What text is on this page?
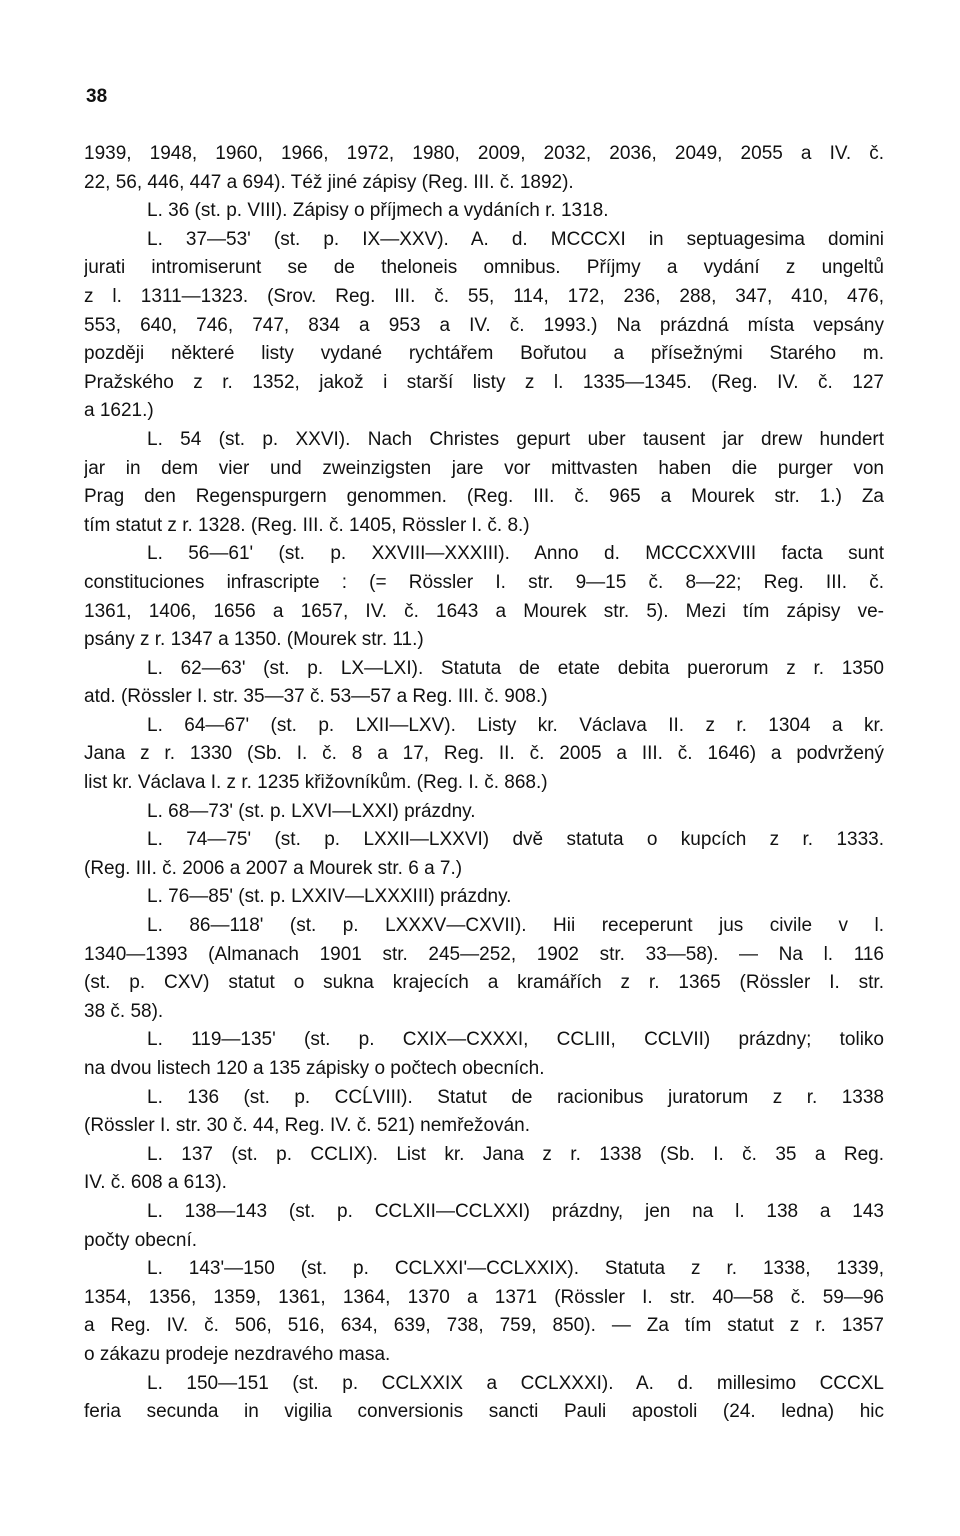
38
1939, 1948, 1960, 1966, 1972, 1980, 2009, 2032, 2036, 2049, 2055 a IV. č.
22, 56, 446, 447 a 694). Též jiné zápisy (Reg. III. č. 1892).
L. 36 (st. p. VIII). Zápisy o příjmech a vydáních r. 1318.
L. 37—53' (st. p. IX—XXV). A. d. MCCCXI in septuagesima domini
jurati intromiserunt se de theloneis omnibus. Příjmy a vydání z ungeltů
z l. 1311—1323. (Srov. Reg. III. č. 55, 114, 172, 236, 288, 347, 410, 476,
553, 640, 746, 747, 834 a 953 a IV. č. 1993.) Na prázdná místa vepsány
později některé listy vydané rychtářem Bořutou a přísežnými Starého m.
Pražského z r. 1352, jakož i starší listy z l. 1335—1345. (Reg. IV. č. 127
a 1621.)
L. 54 (st. p. XXVI). Nach Christes gepurt uber tausent jar drew hundert
jar in dem vier und zweinzigsten jare vor mittvasten haben die purger von
Prag den Regenspurgern genommen. (Reg. III. č. 965 a Mourek str. 1.) Za
tím statut z r. 1328. (Reg. III. č. 1405, Rössler I. č. 8.)
L. 56—61' (st. p. XXVIII—XXXIII). Anno d. MCCCXXVIII facta sunt
constituciones infrascripte : (= Rössler I. str. 9—15 č. 8—22; Reg. III. č.
1361, 1406, 1656 a 1657, IV. č. 1643 a Mourek str. 5). Mezi tím zápisy ve-
psány z r. 1347 a 1350. (Mourek str. 11.)
L. 62—63' (st. p. LX—LXI). Statuta de etate debita puerorum z r. 1350
atd. (Rössler I. str. 35—37 č. 53—57 a Reg. III. č. 908.)
L. 64—67' (st. p. LXII—LXV). Listy kr. Václava II. z r. 1304 a kr.
Jana z r. 1330 (Sb. I. č. 8 a 17, Reg. II. č. 2005 a III. č. 1646) a podvržený
list kr. Václava I. z r. 1235 křižovníkům. (Reg. I. č. 868.)
L. 68—73' (st. p. LXVI—LXXI) prázdny.
L. 74—75' (st. p. LXXII—LXXVI) dvě statuta o kupcích z r. 1333.
(Reg. III. č. 2006 a 2007 a Mourek str. 6 a 7.)
L. 76—85' (st. p. LXXIV—LXXXIII) prázdny.
L. 86—118' (st. p. LXXXV—CXVII). Hii receperunt jus civile v l.
1340—1393 (Almanach 1901 str. 245—252, 1902 str. 33—58). — Na l. 116
(st. p. CXV) statut o sukna krajecích a kramářích z r. 1365 (Rössler I. str.
38 č. 58).
L. 119—135' (st. p. CXIX—CXXXI, CCLIII, CCLVII) prázdny; toliko
na dvou listech 120 a 135 zápisky o počtech obecních.
L. 136 (st. p. CCĹVIII). Statut de racionibus juratorum z r. 1338
(Rössler I. str. 30 č. 44, Reg. IV. č. 521) nemřežován.
L. 137 (st. p. CCLIX). List kr. Jana z r. 1338 (Sb. I. č. 35 a Reg.
IV. č. 608 a 613).
L. 138—143 (st. p. CCLXII—CCLXXI) prázdny, jen na l. 138 a 143
počty obecní.
L. 143'—150 (st. p. CCLXXI'—CCLXXIX). Statuta z r. 1338, 1339,
1354, 1356, 1359, 1361, 1364, 1370 a 1371 (Rössler I. str. 40—58 č. 59—96
a Reg. IV. č. 506, 516, 634, 639, 738, 759, 850). — Za tím statut z r. 1357
o zákazu prodeje nezdravého masa.
L. 150—151 (st. p. CCLXXIX a CCLXXXI). A. d. millesimo CCCXL
feria secunda in vigilia conversionis sancti Pauli apostoli (24. ledna) hic
